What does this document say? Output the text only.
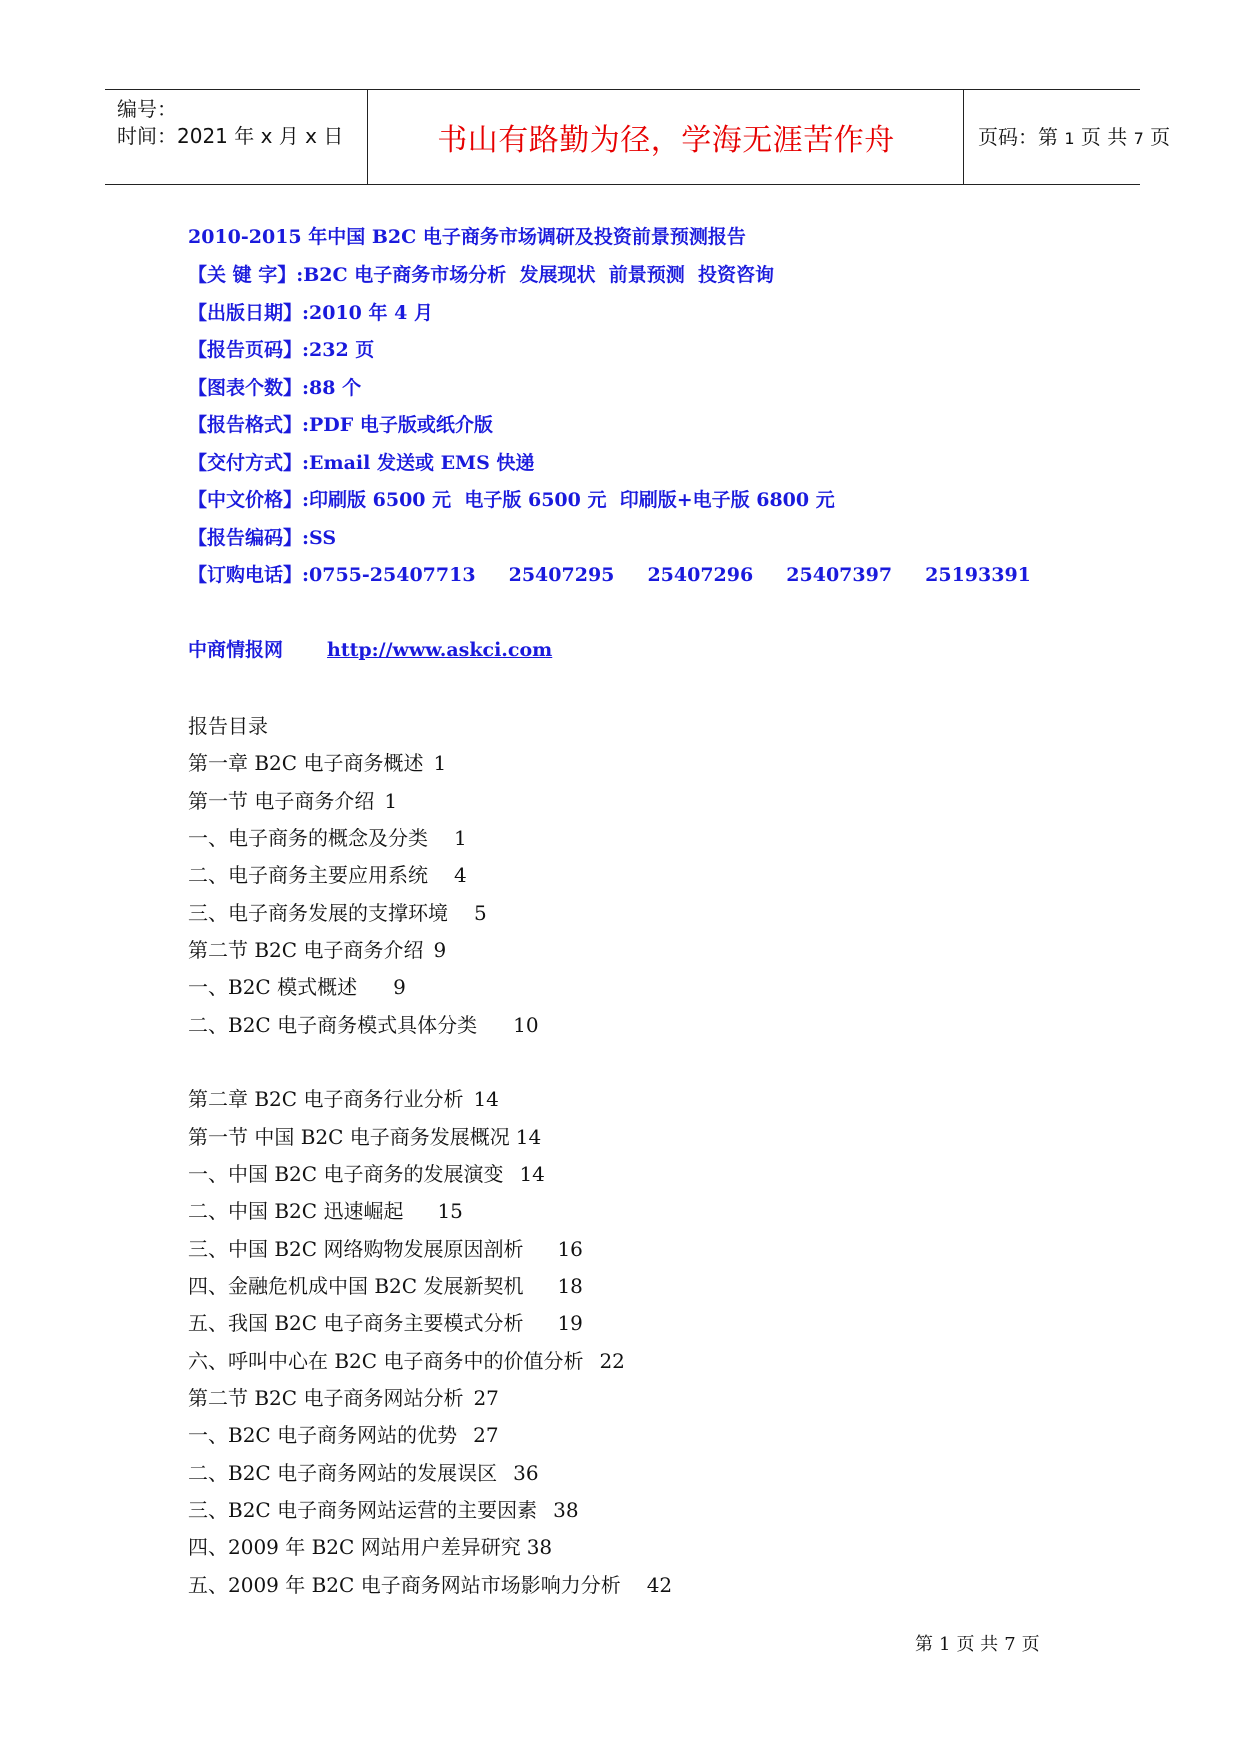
编号：
时间：2021 年 x 月 x 日	书山有路勤为径，学海无涯苦作舟	页码：第 1 页 共 7 页
2010-2015 年中国 B2C 电子商务市场调研及投资前景预测报告
【关 键 字】:B2C 电子商务市场分析  发展现状  前景预测  投资咨询
【出版日期】:2010 年 4 月
【报告页码】:232 页
【图表个数】:88 个
【报告格式】:PDF 电子版或纸介版
【交付方式】:Email 发送或 EMS 快递
【中文价格】:印刷版 6500 元  电子版 6500 元  印刷版+电子版 6800 元
【报告编码】:SS
【订购电话】:0755-25407713     25407295     25407296     25407397     25193391
中商情报网 http://www.askci.com
报告目录
第一章 B2C 电子商务概述 1
第一节 电子商务介绍 1
一、电子商务的概念及分类 1
二、电子商务主要应用系统 4
三、电子商务发展的支撑环境 5
第二节 B2C 电子商务介绍 9
一、B2C 模式概述 9
二、B2C 电子商务模式具体分类 10
第二章 B2C 电子商务行业分析 14
第一节 中国 B2C 电子商务发展概况 14
一、中国 B2C 电子商务的发展演变 14
二、中国 B2C 迅速崛起 15
三、中国 B2C 网络购物发展原因剖析 16
四、金融危机成中国 B2C 发展新契机 18
五、我国 B2C 电子商务主要模式分析 19
六、呼叫中心在 B2C 电子商务中的价值分析 22
第二节 B2C 电子商务网站分析 27
一、B2C 电子商务网站的优势 27
二、B2C 电子商务网站的发展误区 36
三、B2C 电子商务网站运营的主要因素 38
四、2009 年 B2C 网站用户差异研究 38
五、2009 年 B2C 电子商务网站市场影响力分析 42
第 1 页 共 7 页
